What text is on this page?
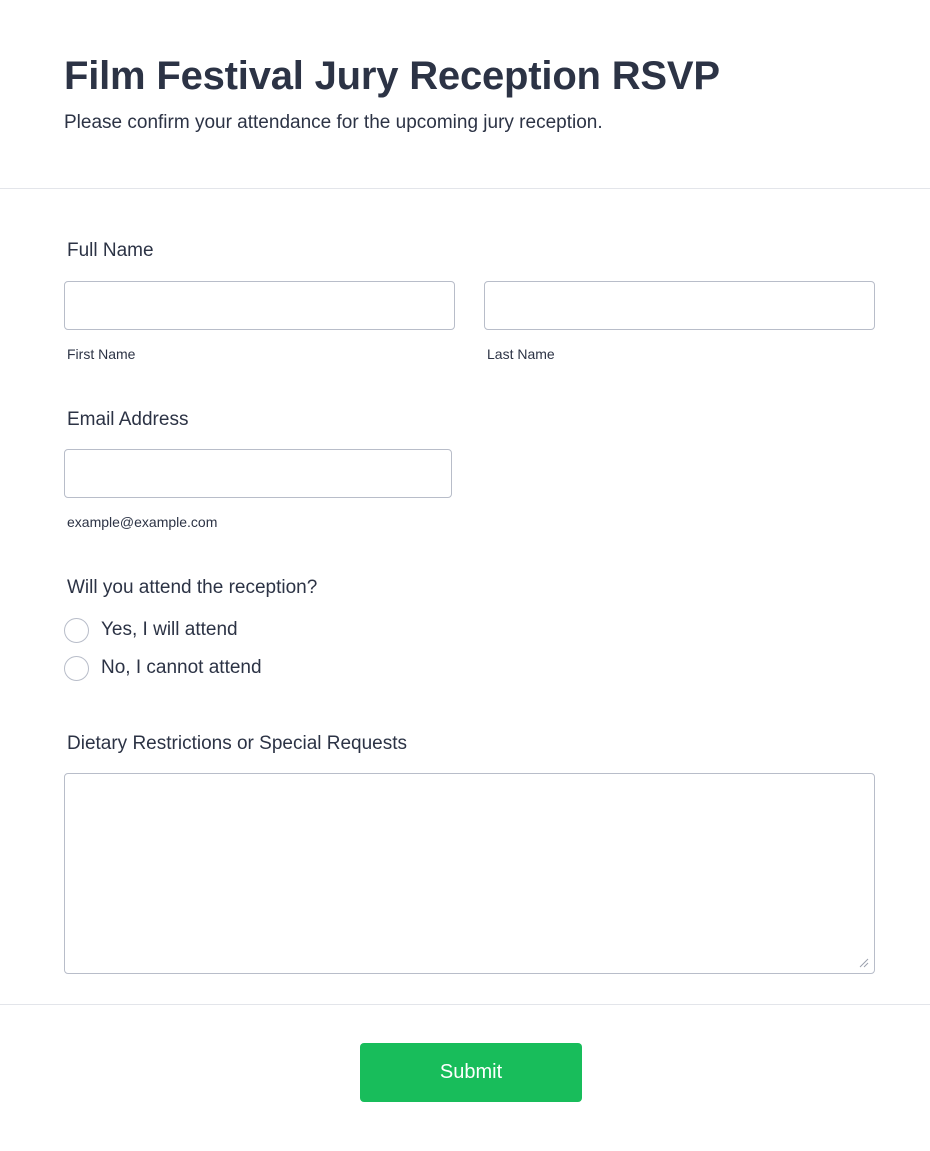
Film Festival Jury Reception RSVP

Please confirm your attendance for the upcoming jury reception.

Full Name
First Name	Last Name
Email Address
example@example.com
Will you attend the reception?
Yes, I will attend
No, I cannot attend
Dietary Restrictions or Special Requests
Submit
